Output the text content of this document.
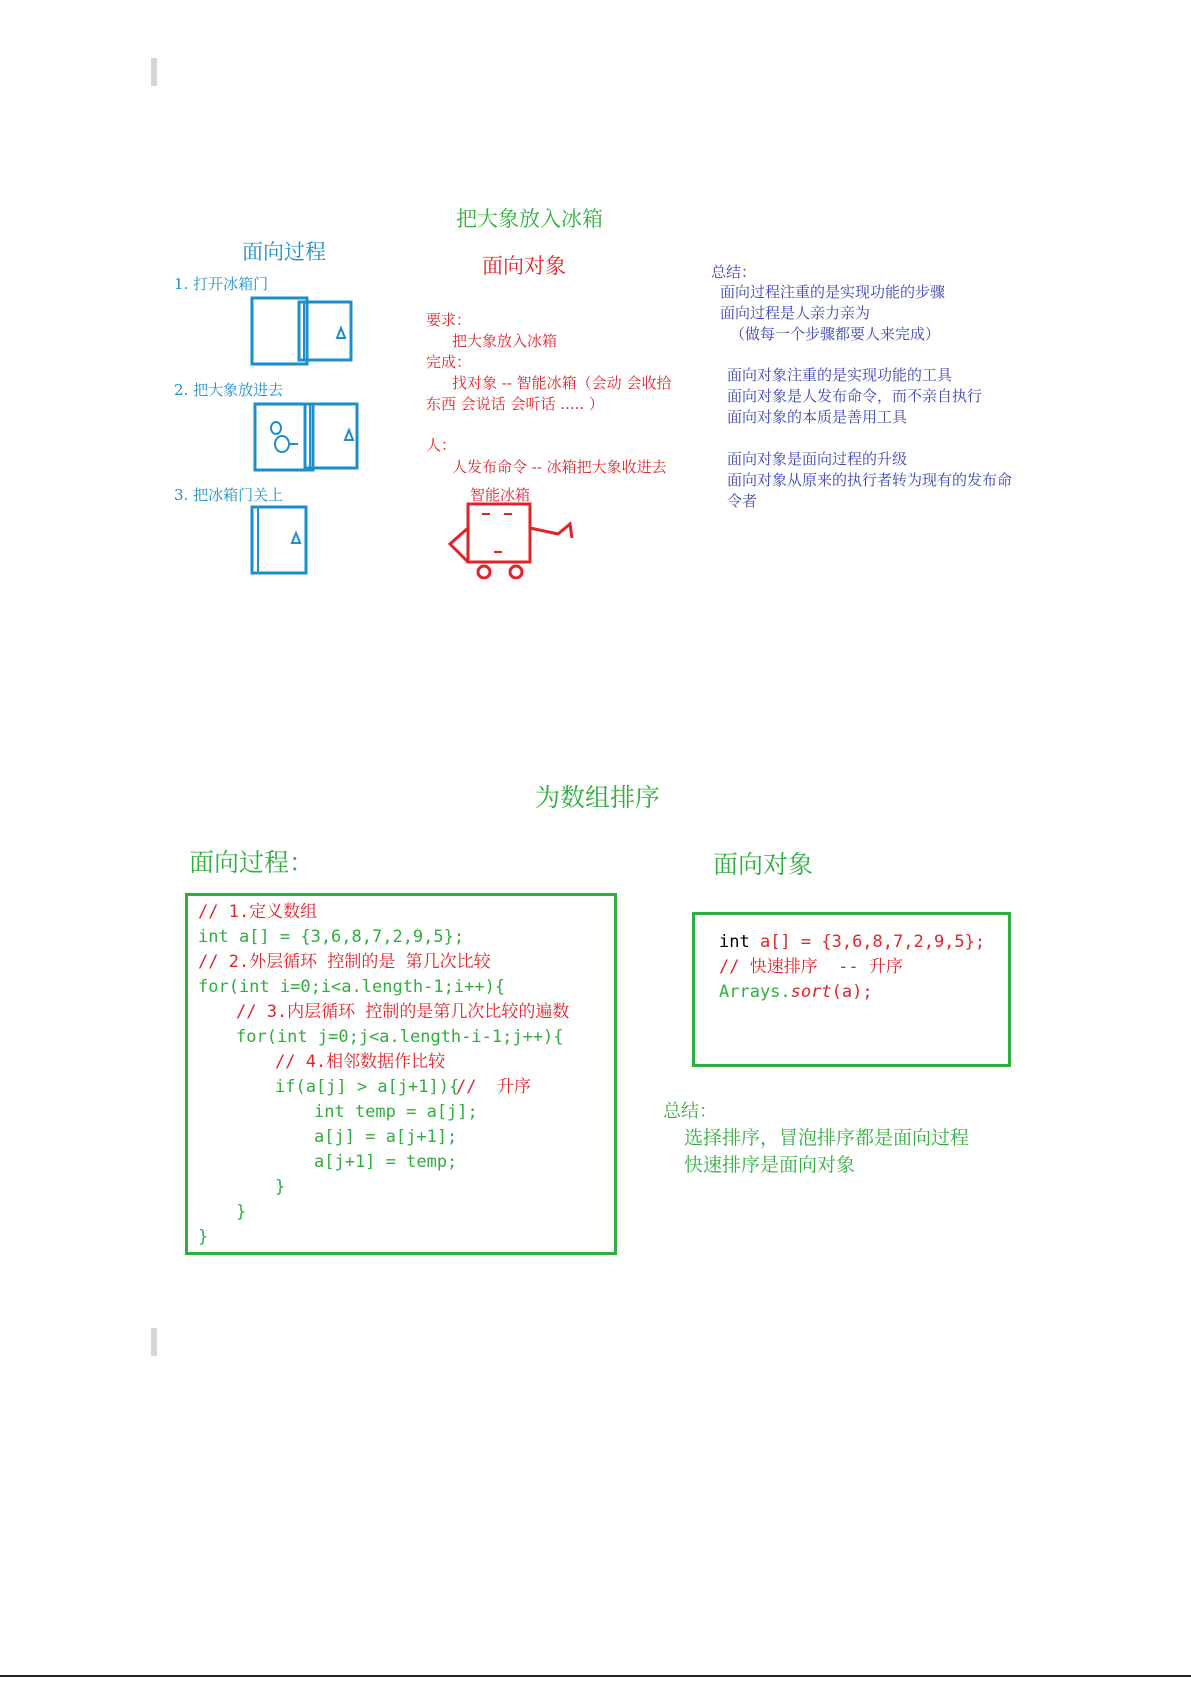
把大象放入冰箱
面向过程
1. 打开冰箱门
2. 把大象放进去
3. 把冰箱门关上
面向对象
要求：
把大象放入冰箱
完成：
找对象 -- 智能冰箱（会动 会收拾
东西 会说话 会听话 ..... ）
人：
人发布命令 -- 冰箱把大象收进去
智能冰箱
总结：
面向过程注重的是实现功能的步骤
面向过程是人亲力亲为
（做每一个步骤都要人来完成）
面向对象注重的是实现功能的工具
面向对象是人发布命令，而不亲自执行
面向对象的本质是善用工具
面向对象是面向过程的升级
面向对象从原来的执行者转为现有的发布命
令者
为数组排序
面向过程：	面向对象
// 1.定义数组
int a[] = {3,6,8,7,2,9,5};
// 2.外层循环 控制的是 第几次比较
for(int i=0;i<a.length-1;i++){
// 3.内层循环 控制的是第几次比较的遍数
for(int j=0;j<a.length-i-1;j++){
// 4.相邻数据作比较
if(a[j] > a[j+1]){
//  升序
int temp = a[j];
a[j] = a[j+1];
a[j+1] = temp;
}
}
}
int a[] = {3,6,8,7,2,9,5};
// 快速排序  -- 升序
Arrays.sort(a);
总结：
选择排序，冒泡排序都是面向过程
快速排序是面向对象
